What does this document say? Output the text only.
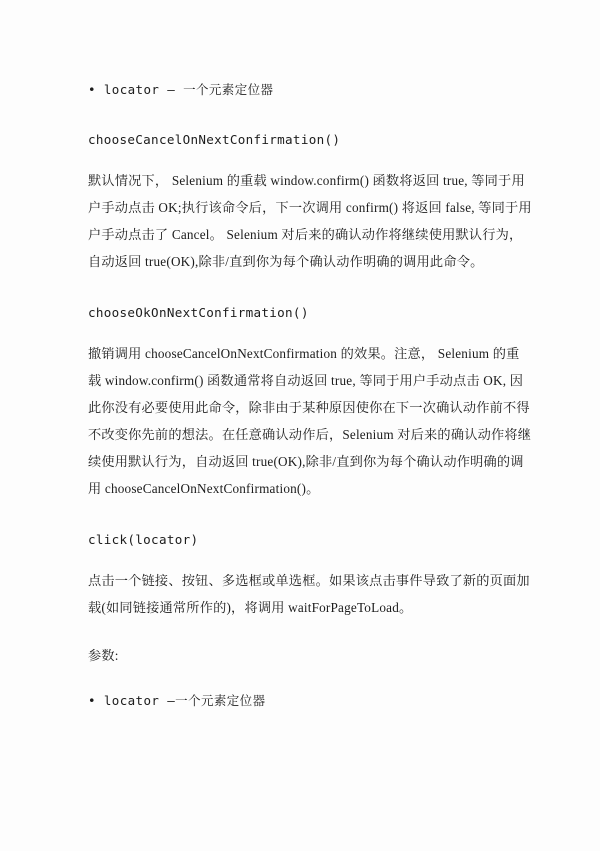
• locator – 一个元素定位器

chooseCancelOnNextConfirmation()

默认情况下， Selenium 的重载 window.confirm() 函数将返回 true, 等同于用户手动点击 OK;执行该命令后，下一次调用 confirm() 将返回 false, 等同于用户手动点击了 Cancel。 Selenium 对后来的确认动作将继续使用默认行为，自动返回 true(OK),除非/直到你为每个确认动作明确的调用此命令。

chooseOkOnNextConfirmation()

撤销调用 chooseCancelOnNextConfirmation 的效果。注意， Selenium 的重载 window.confirm() 函数通常将自动返回 true, 等同于用户手动点击 OK, 因此你没有必要使用此命令，除非由于某种原因使你在下一次确认动作前不得不改变你先前的想法。在任意确认动作后，Selenium 对后来的确认动作将继续使用默认行为，自动返回 true(OK),除非/直到你为每个确认动作明确的调用 chooseCancelOnNextConfirmation()。

click(locator)

点击一个链接、按钮、多选框或单选框。如果该点击事件导致了新的页面加载(如同链接通常所作的)，将调用 waitForPageToLoad。

参数:

• locator –一个元素定位器
